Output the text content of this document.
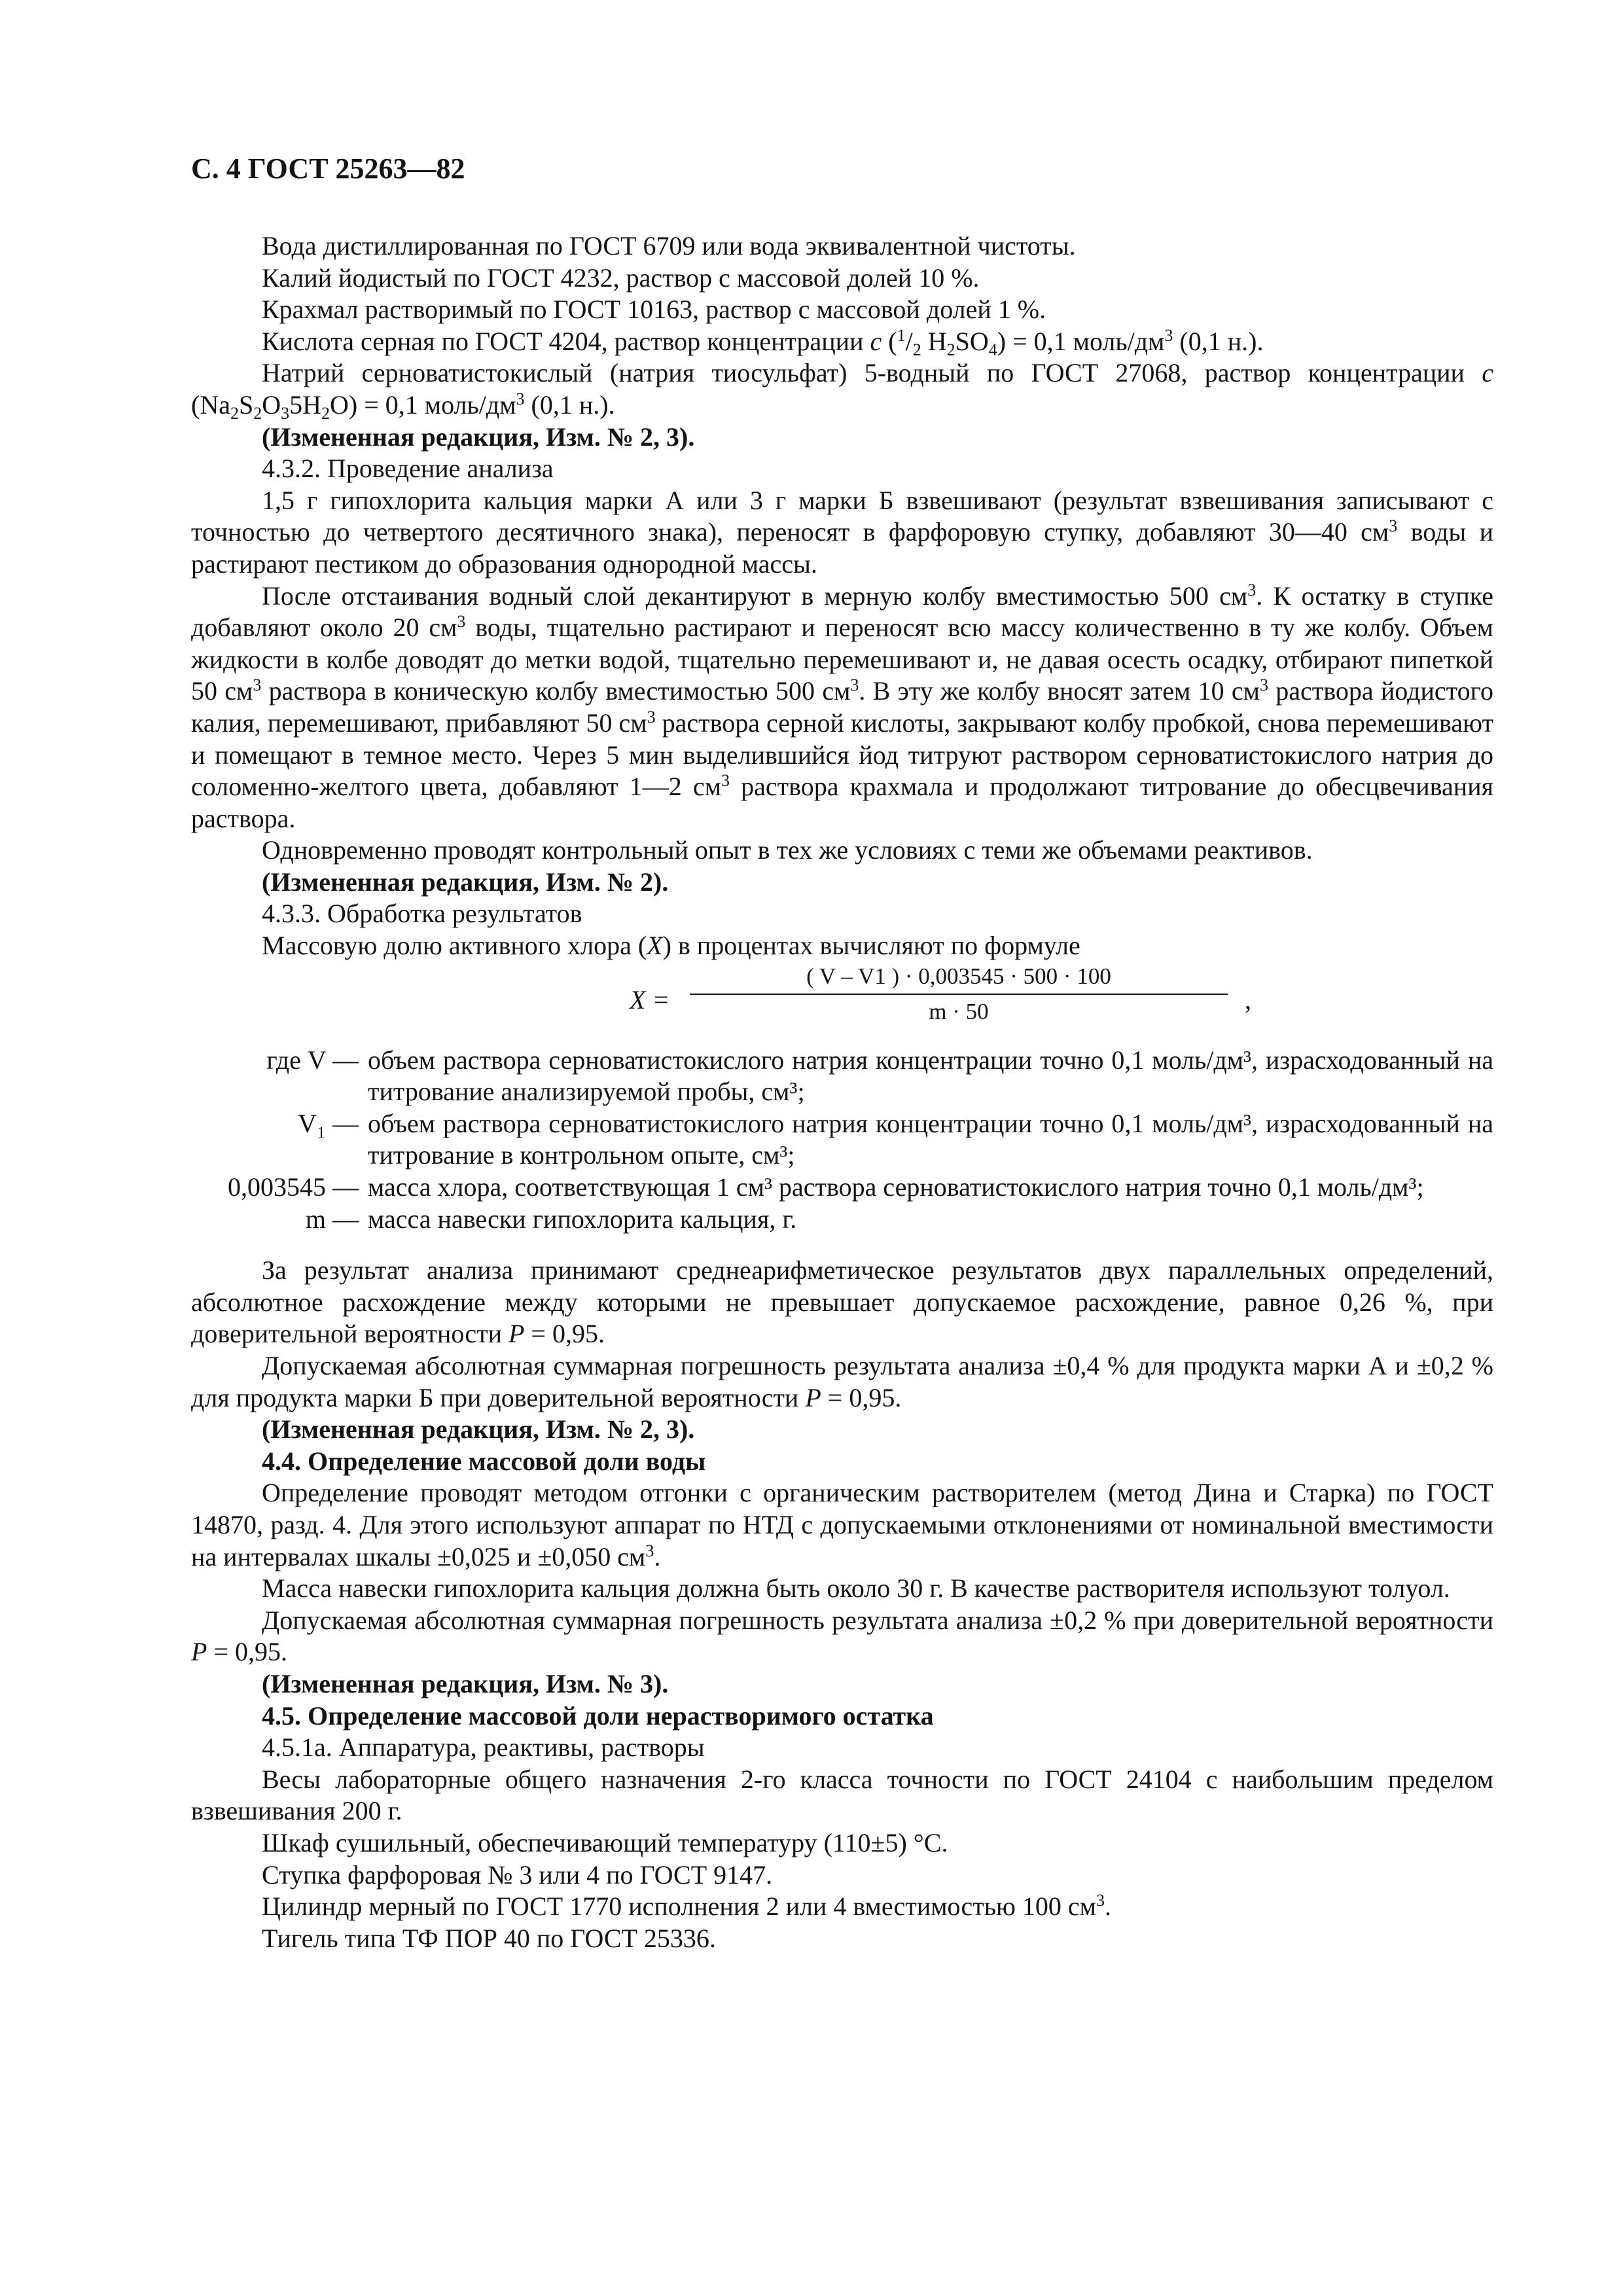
С. 4 ГОСТ 25263—82

Вода дистиллированная по ГОСТ 6709 или вода эквивалентной чистоты.

Калий йодистый по ГОСТ 4232, раствор с массовой долей 10 %.

Крахмал растворимый по ГОСТ 10163, раствор с массовой долей 1 %.

Кислота серная по ГОСТ 4204, раствор концентрации c ($^1/_2$ $H_2SO_4) = 0,1$ моль/$дм^3$ (0,1 н.).

Натрий серноватистокислый (натрия тиосульфат) 5-водный по ГОСТ 27068, раствор концентрации c $(Na_2S_2O_35H_2O) = 0,1$ моль/$дм^3$ (0,1 н.).

(Измененная редакция, Изм. № 2, 3).

4.3.2. Проведение анализа

1,5 г гипохлорита кальция марки А или 3 г марки Б взвешивают (результат взвешивания записывают с точностью до четвертого десятичного знака), переносят в фарфоровую ступку, добавляют 30—40 $см^3$ воды и растирают пестиком до образования однородной массы.

После отстаивания водный слой декантируют в мерную колбу вместимостью 500 $см^3$. К остатку в ступке добавляют около 20 $см^3$ воды, тщательно растирают и переносят всю массу количественно в ту же колбу. Объем жидкости в колбе доводят до метки водой, тщательно перемешивают и, не давая осесть осадку, отбирают пипеткой 50 $см^3$ раствора в коническую колбу вместимостью 500 $см^3$. В эту же колбу вносят затем 10 $см^3$ раствора йодистого калия, перемешивают, прибавляют 50 $см^3$ раствора серной кислоты, закрывают колбу пробкой, снова перемешивают и помещают в темное место. Через 5 мин выделившийся йод титруют раствором серноватистокислого натрия до соломенно-желтого цвета, добавляют 1—2 $см^3$ раствора крахмала и продолжают титрование до обесцвечивания раствора.

Одновременно проводят контрольный опыт в тех же условиях с теми же объемами реактивов.

(Измененная редакция, Изм. № 2).

4.3.3. Обработка результатов

Массовую долю активного хлора (X) в процентах вычисляют по формуле

X =
( V – V1 ) · 0,003545 · 500 · 100
m · 50	,
где V — объем раствора серноватистокислого натрия концентрации точно 0,1 моль/дм³, израсходованный на титрование анализируемой пробы, см³;
V₁ — объем раствора серноватистокислого натрия концентрации точно 0,1 моль/дм³, израсходованный на титрование в контрольном опыте, см³;
0,003545 — масса хлора, соответствующая 1 см³ раствора серноватистокислого натрия точно 0,1 моль/дм³;
m — масса навески гипохлорита кальция, г.

За результат анализа принимают среднеарифметическое результатов двух параллельных определений, абсолютное расхождение между которыми не превышает допускаемое расхождение, равное 0,26 %, при доверительной вероятности P = 0,95.

Допускаемая абсолютная суммарная погрешность результата анализа ±0,4 % для продукта марки А и ±0,2 % для продукта марки Б при доверительной вероятности P = 0,95.

(Измененная редакция, Изм. № 2, 3).

4.4. Определение массовой доли воды

Определение проводят методом отгонки с органическим растворителем (метод Дина и Старка) по ГОСТ 14870, разд. 4. Для этого используют аппарат по НТД с допускаемыми отклонениями от номинальной вместимости на интервалах шкалы ±0,025 и ±0,050 $см^3$.

Масса навески гипохлорита кальция должна быть около 30 г. В качестве растворителя используют толуол.

Допускаемая абсолютная суммарная погрешность результата анализа ±0,2 % при доверительной вероятности P = 0,95.

(Измененная редакция, Изм. № 3).

4.5. Определение массовой доли нерастворимого остатка

4.5.1а. Аппаратура, реактивы, растворы

Весы лабораторные общего назначения 2-го класса точности по ГОСТ 24104 с наибольшим пределом взвешивания 200 г.

Шкаф сушильный, обеспечивающий температуру (110±5) °С.

Ступка фарфоровая № 3 или 4 по ГОСТ 9147.

Цилиндр мерный по ГОСТ 1770 исполнения 2 или 4 вместимостью 100 $см^3$.

Тигель типа ТФ ПОР 40 по ГОСТ 25336.
